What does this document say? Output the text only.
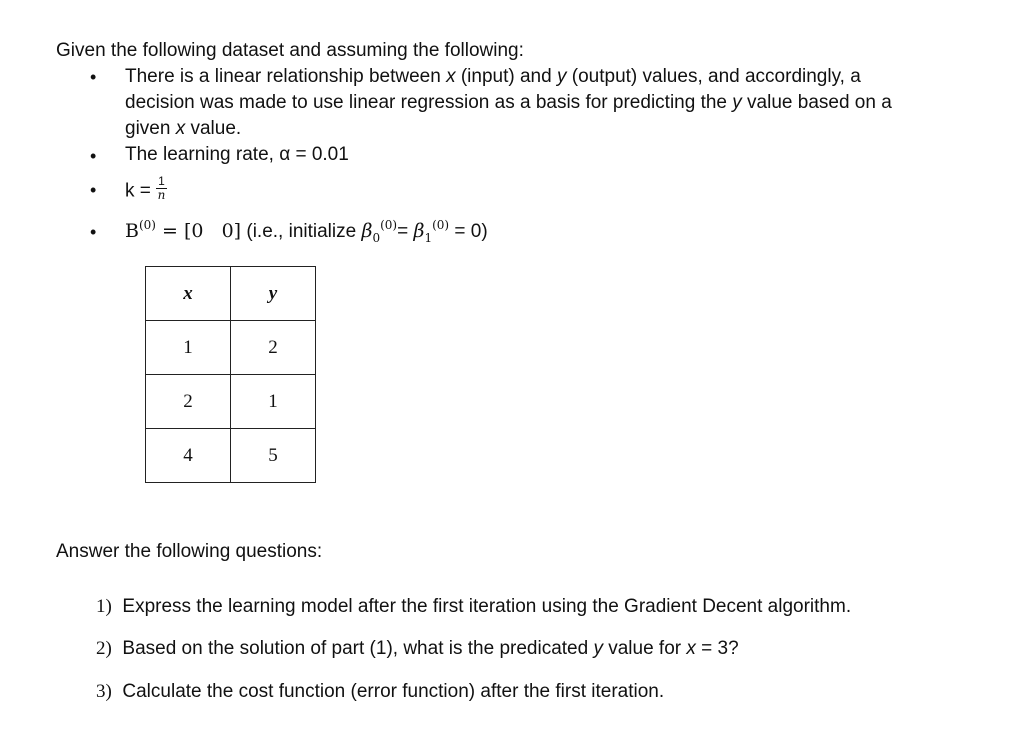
Given the following dataset and assuming the following:
• There is a linear relationship between x (input) and y (output) values, and accordingly, a
decision was made to use linear regression as a basis for predicting the y value based on a
given x value.
• The learning rate, α = 0.01
• $k = \frac{1}{n}$
• $B^{(0)} = [0$   0] (i.e., initialize $\beta_0^{(0)}= \beta_1^{(0)} = 0$)
x	y
1	2
2	1
4	5
Answer the following questions:
1) Express the learning model after the first iteration using the Gradient Decent algorithm.
2) Based on the solution of part (1), what is the predicated y value for x = 3?
3) Calculate the cost function (error function) after the first iteration.
